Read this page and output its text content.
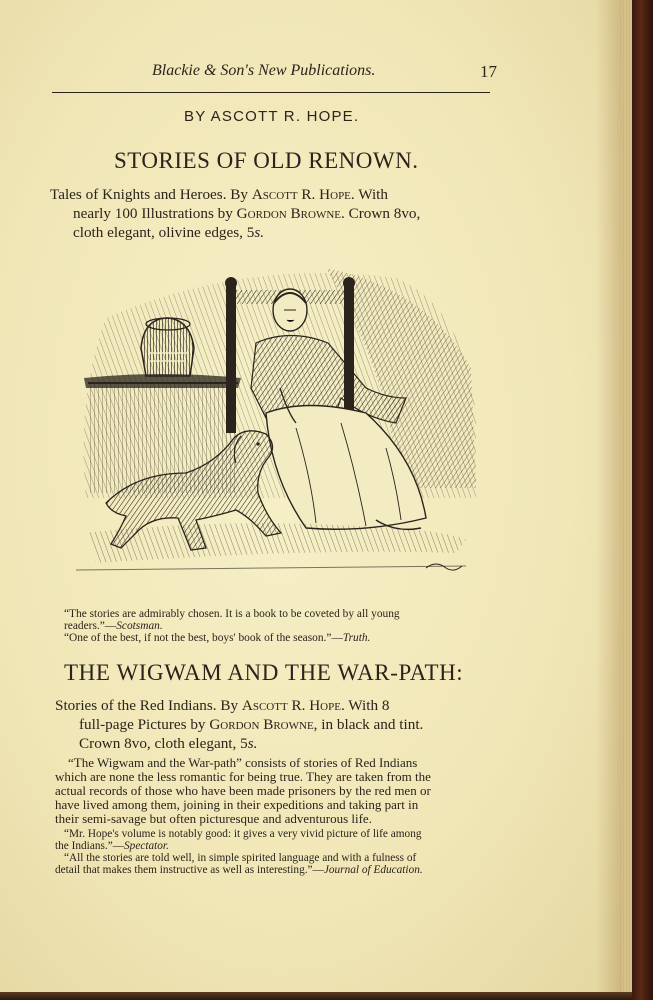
Blackie & Son's New Publications.	17
BY ASCOTT R. HOPE.
STORIES OF OLD RENOWN.
Tales of Knights and Heroes. By Ascott R. Hope. With
nearly 100 Illustrations by Gordon Browne. Crown 8vo,
cloth elegant, olivine edges, 5s.
“The stories are admirably chosen. It is a book to be coveted by all young
readers.”—Scotsman.
“One of the best, if not the best, boys' book of the season.”—Truth.
THE WIGWAM AND THE WAR-PATH:
Stories of the Red Indians. By Ascott R. Hope. With 8
full-page Pictures by Gordon Browne, in black and tint.
Crown 8vo, cloth elegant, 5s.
“The Wigwam and the War-path” consists of stories of Red Indians
which are none the less romantic for being true. They are taken from the
actual records of those who have been made prisoners by the red men or
have lived among them, joining in their expeditions and taking part in
their semi-savage but often picturesque and adventurous life.
“Mr. Hope's volume is notably good: it gives a very vivid picture of life among
the Indians.”—Spectator.
“All the stories are told well, in simple spirited language and with a fulness of
detail that makes them instructive as well as interesting.”—Journal of Education.
